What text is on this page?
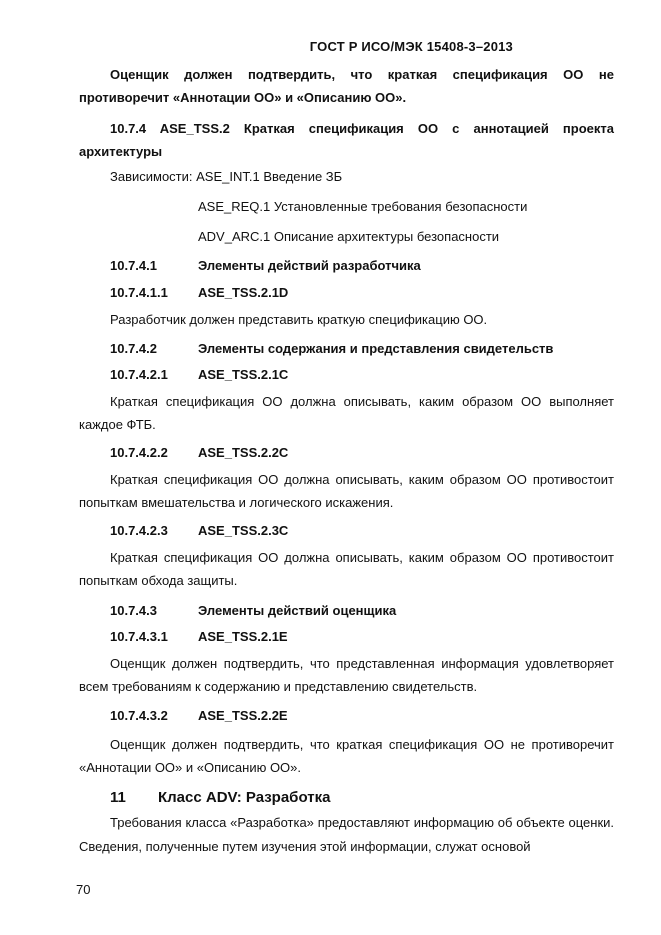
ГОСТ Р ИСО/МЭК 15408-3–2013
Оценщик должен подтвердить, что краткая спецификация ОО не противоречит «Аннотации ОО» и «Описанию ОО».
10.7.4 ASE_TSS.2 Краткая спецификация ОО с аннотацией проекта архитектуры
Зависимости: ASE_INT.1 Введение ЗБ
ASE_REQ.1 Установленные требования безопасности
ADV_ARC.1 Описание архитектуры безопасности
10.7.4.1	Элементы действий разработчика
10.7.4.1.1 ASE_TSS.2.1D
Разработчик должен представить краткую спецификацию ОО.
10.7.4.2	Элементы содержания и представления свидетельств
10.7.4.2.1 ASE_TSS.2.1C
Краткая спецификация ОО должна описывать, каким образом ОО выполняет каждое ФТБ.
10.7.4.2.2 ASE_TSS.2.2C
Краткая спецификация ОО должна описывать, каким образом ОО противостоит попыткам вмешательства и логического искажения.
10.7.4.2.3 ASE_TSS.2.3C
Краткая спецификация ОО должна описывать, каким образом ОО противостоит попыткам обхода защиты.
10.7.4.3	Элементы действий оценщика
10.7.4.3.1 ASE_TSS.2.1E
Оценщик должен подтвердить, что представленная информация удовлетворяет всем требованиям к содержанию и представлению свидетельств.
10.7.4.3.2 ASE_TSS.2.2E
Оценщик должен подтвердить, что краткая спецификация ОО не противоречит «Аннотации ОО» и «Описанию ОО».
11 Класс ADV: Разработка
Требования класса «Разработка» предоставляют информацию об объекте оценки. Сведения, полученные путем изучения этой информации, служат основой
70
